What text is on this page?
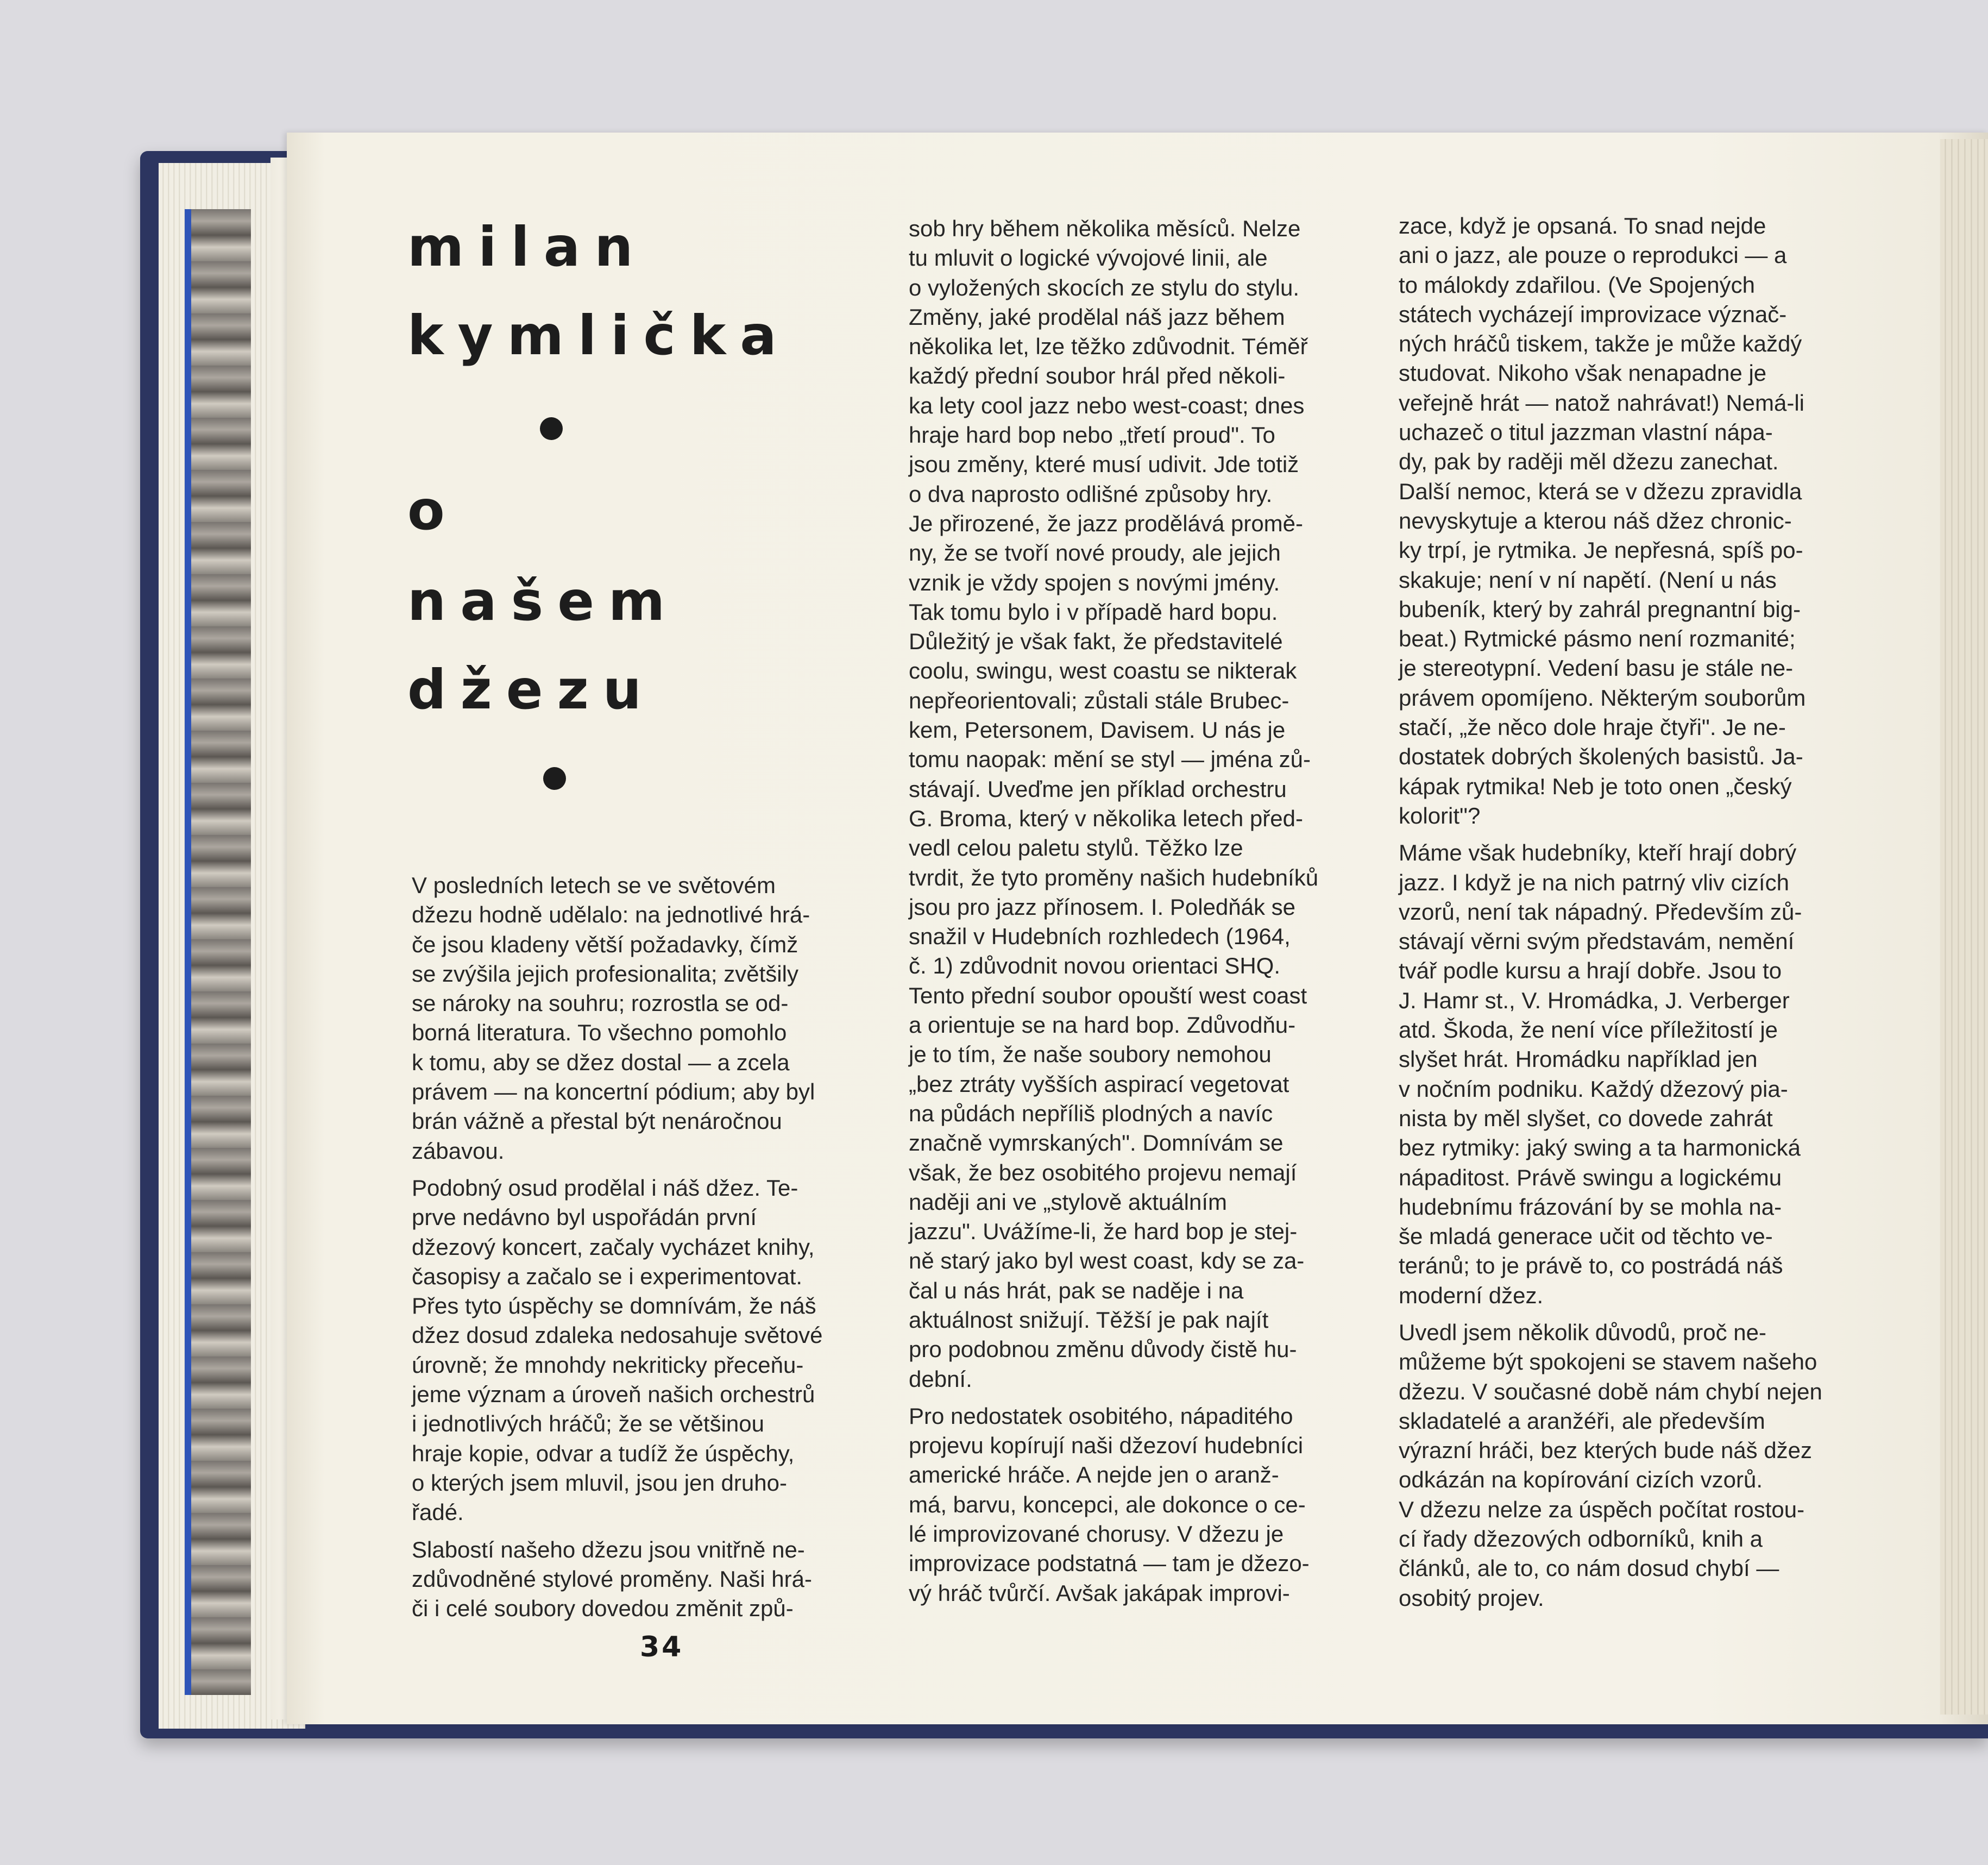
milan
kymlička
o
našem
džezu

V posledních letech se ve světovém
džezu hodně udělalo: na jednotlivé hrá-
če jsou kladeny větší požadavky, čímž
se zvýšila jejich profesionalita; zvětšily
se nároky na souhru; rozrostla se od-
borná literatura. To všechno pomohlo
k tomu, aby se džez dostal — a zcela
právem — na koncertní pódium; aby byl
brán vážně a přestal být nenáročnou
zábavou.

Podobný osud prodělal i náš džez. Te-
prve nedávno byl uspořádán první
džezový koncert, začaly vycházet knihy,
časopisy a začalo se i experimentovat.
Přes tyto úspěchy se domnívám, že náš
džez dosud zdaleka nedosahuje světové
úrovně; že mnohdy nekriticky přeceňu-
jeme význam a úroveň našich orchestrů
i jednotlivých hráčů; že se většinou
hraje kopie, odvar a tudíž že úspěchy,
o kterých jsem mluvil, jsou jen druho-
řadé.

Slabostí našeho džezu jsou vnitřně ne-
zdůvodněné stylové proměny. Naši hrá-
či i celé soubory dovedou změnit způ-

sob hry během několika měsíců. Nelze
tu mluvit o logické vývojové linii, ale
o vyložených skocích ze stylu do stylu.
Změny, jaké prodělal náš jazz během
několika let, lze těžko zdůvodnit. Téměř
každý přední soubor hrál před několi-
ka lety cool jazz nebo west-coast; dnes
hraje hard bop nebo „třetí proud". To
jsou změny, které musí udivit. Jde totiž
o dva naprosto odlišné způsoby hry.
Je přirozené, že jazz prodělává promě-
ny, že se tvoří nové proudy, ale jejich
vznik je vždy spojen s novými jmény.
Tak tomu bylo i v případě hard bopu.
Důležitý je však fakt, že představitelé
coolu, swingu, west coastu se nikterak
nepřeorientovali; zůstali stále Brubec-
kem, Petersonem, Davisem. U nás je
tomu naopak: mění se styl — jména zů-
stávají. Uveďme jen příklad orchestru
G. Broma, který v několika letech před-
vedl celou paletu stylů. Těžko lze
tvrdit, že tyto proměny našich hudebníků
jsou pro jazz přínosem. I. Poledňák se
snažil v Hudebních rozhledech (1964,
č. 1) zdůvodnit novou orientaci SHQ.
Tento přední soubor opouští west coast
a orientuje se na hard bop. Zdůvodňu-
je to tím, že naše soubory nemohou
„bez ztráty vyšších aspirací vegetovat
na půdách nepříliš plodných a navíc
značně vymrskaných". Domnívám se
však, že bez osobitého projevu nemají
naději ani ve „stylově aktuálním
jazzu". Uvážíme-li, že hard bop je stej-
ně starý jako byl west coast, kdy se za-
čal u nás hrát, pak se naděje i na
aktuálnost snižují. Těžší je pak najít
pro podobnou změnu důvody čistě hu-
dební.

Pro nedostatek osobitého, nápaditého
projevu kopírují naši džezoví hudebníci
americké hráče. A nejde jen o aranž-
má, barvu, koncepci, ale dokonce o ce-
lé improvizované chorusy. V džezu je
improvizace podstatná — tam je džezo-
vý hráč tvůrčí. Avšak jakápak improvi-

zace, když je opsaná. To snad nejde
ani o jazz, ale pouze o reprodukci — a
to málokdy zdařilou. (Ve Spojených
státech vycházejí improvizace význač-
ných hráčů tiskem, takže je může každý
studovat. Nikoho však nenapadne je
veřejně hrát — natož nahrávat!) Nemá-li
uchazeč o titul jazzman vlastní nápa-
dy, pak by raději měl džezu zanechat.
Další nemoc, která se v džezu zpravidla
nevyskytuje a kterou náš džez chronic-
ky trpí, je rytmika. Je nepřesná, spíš po-
skakuje; není v ní napětí. (Není u nás
bubeník, který by zahrál pregnantní big-
beat.) Rytmické pásmo není rozmanité;
je stereotypní. Vedení basu je stále ne-
právem opomíjeno. Některým souborům
stačí, „že něco dole hraje čtyři". Je ne-
dostatek dobrých školených basistů. Ja-
kápak rytmika! Neb je toto onen „český
kolorit"?

Máme však hudebníky, kteří hrají dobrý
jazz. I když je na nich patrný vliv cizích
vzorů, není tak nápadný. Především zů-
stávají věrni svým představám, nemění
tvář podle kursu a hrají dobře. Jsou to
J. Hamr st., V. Hromádka, J. Verberger
atd. Škoda, že není více příležitostí je
slyšet hrát. Hromádku například jen
v nočním podniku. Každý džezový pia-
nista by měl slyšet, co dovede zahrát
bez rytmiky: jaký swing a ta harmonická
nápaditost. Právě swingu a logickému
hudebnímu frázování by se mohla na-
še mladá generace učit od těchto ve-
teránů; to je právě to, co postrádá náš
moderní džez.

Uvedl jsem několik důvodů, proč ne-
můžeme být spokojeni se stavem našeho
džezu. V současné době nám chybí nejen
skladatelé a aranžéři, ale především
výrazní hráči, bez kterých bude náš džez
odkázán na kopírování cizích vzorů.
V džezu nelze za úspěch počítat rostou-
cí řady džezových odborníků, knih a
článků, ale to, co nám dosud chybí —
osobitý projev.

34
